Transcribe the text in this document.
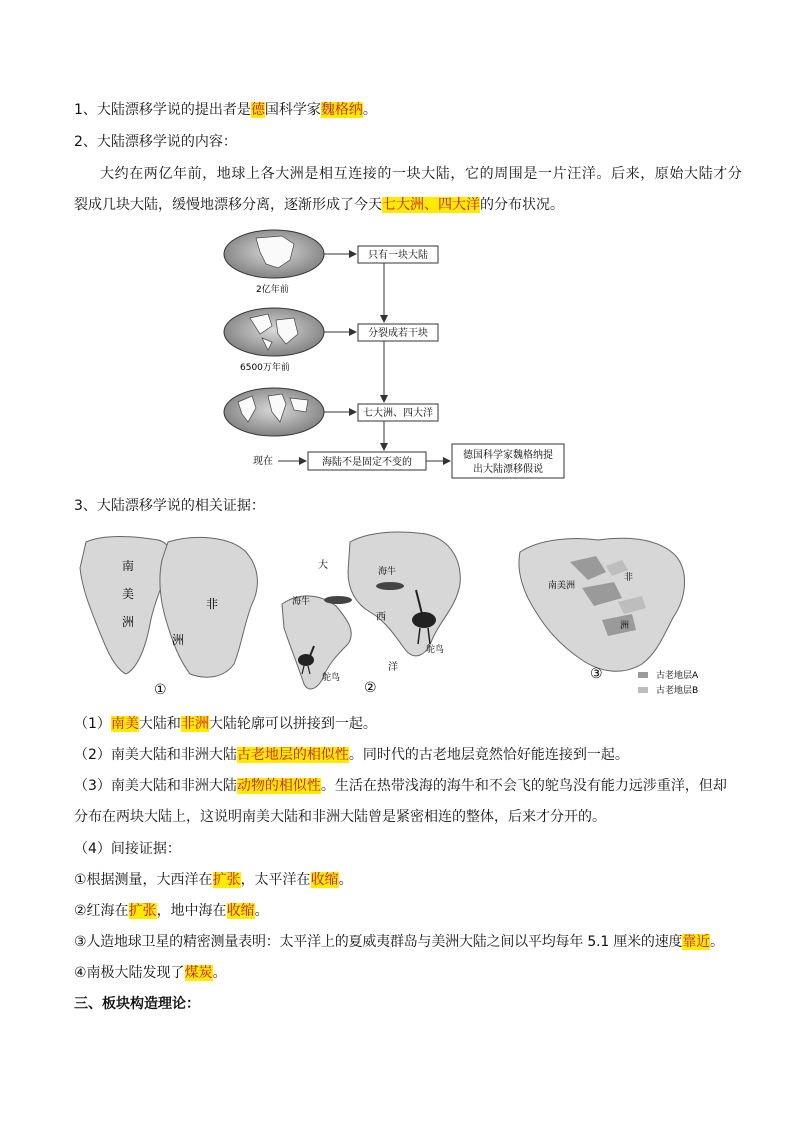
1、大陆漂移学说的提出者是德国科学家魏格纳。
2、大陆漂移学说的内容：
大约在两亿年前，地球上各大洲是相互连接的一块大陆，它的周围是一片汪洋。后来，原始大陆才分
裂成几块大陆，缓慢地漂移分离，逐渐形成了今天七大洲、四大洋的分布状况。
2亿年前
6500万年前
只有一块大陆
分裂成若干块
七大洲、四大洋
现在	海陆不是固定不变的
德国科学家魏格纳提
出大陆漂移假说
3、大陆漂移学说的相关证据：
南
美
洲
非
洲
①
大
西
洋
海牛
海牛
鸵鸟
鸵鸟
②
南美洲
非
洲
③	古老地层A
古老地层B
（1）南美大陆和非洲大陆轮廓可以拼接到一起。
（2）南美大陆和非洲大陆古老地层的相似性。同时代的古老地层竟然恰好能连接到一起。
（3）南美大陆和非洲大陆动物的相似性。生活在热带浅海的海牛和不会飞的鸵鸟没有能力远涉重洋，但却
分布在两块大陆上，这说明南美大陆和非洲大陆曾是紧密相连的整体，后来才分开的。
（4）间接证据：
①根据测量，大西洋在扩张，太平洋在收缩。
②红海在扩张，地中海在收缩。
③人造地球卫星的精密测量表明：太平洋上的夏威夷群岛与美洲大陆之间以平均每年 5.1 厘米的速度靠近。
④南极大陆发现了煤炭。
三、板块构造理论：
